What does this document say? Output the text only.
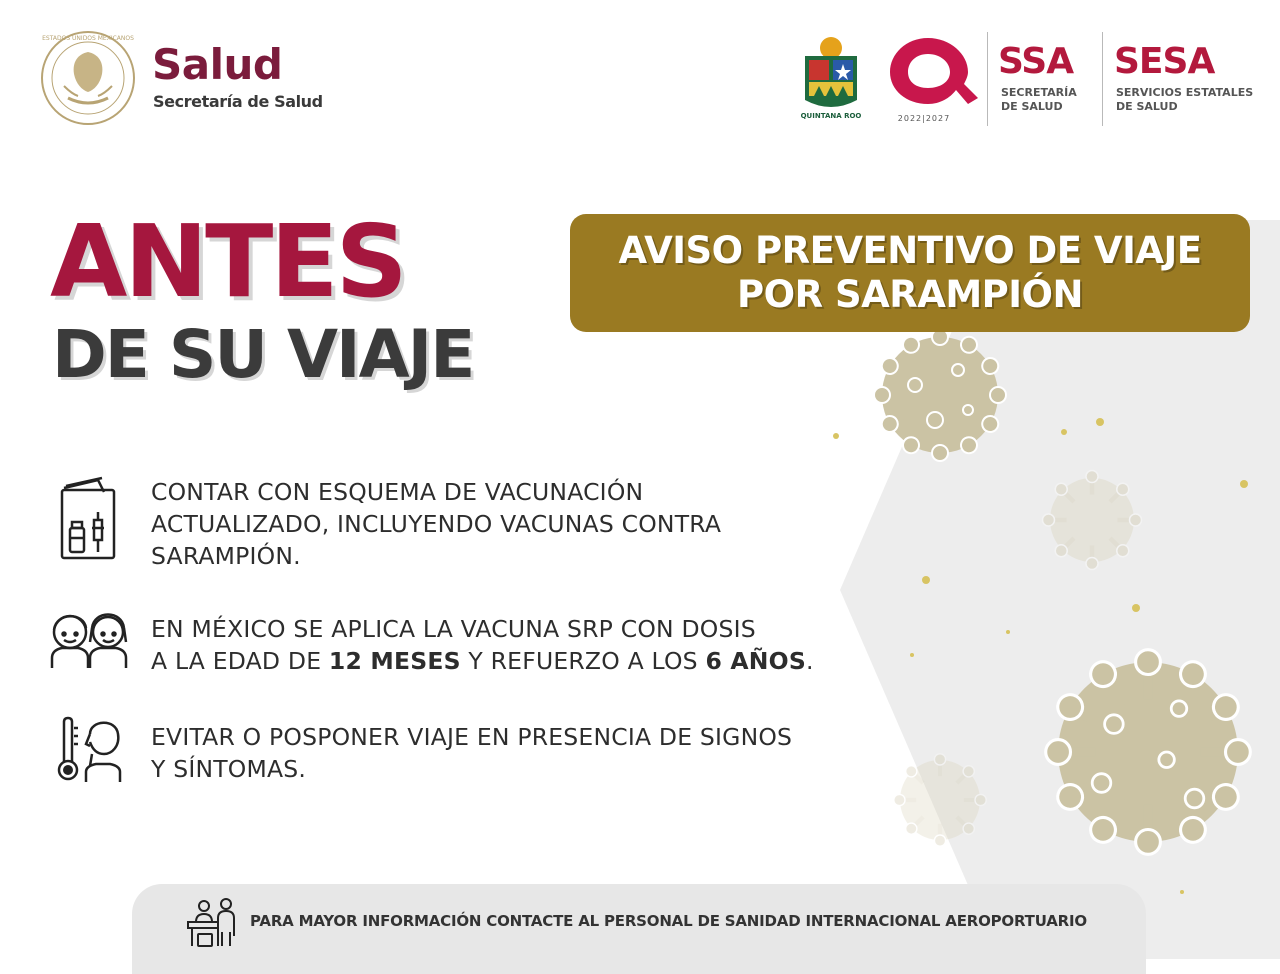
ESTADOS UNIDOS MEXICANOS
Salud
Secretaría de Salud
QUINTANA ROO	2022|2027
SSA
SECRETARÍA
DE SALUD
SESA
SERVICIOS ESTATALES
DE SALUD
ANTES
DE SU VIAJE
AVISO PREVENTIVO DE VIAJE
POR SARAMPIÓN
CONTAR CON ESQUEMA DE VACUNACIÓN
ACTUALIZADO, INCLUYENDO VACUNAS CONTRA
SARAMPIÓN.
EN MÉXICO SE APLICA LA VACUNA SRP CON DOSIS
A LA EDAD DE 12 MESES Y REFUERZO A LOS 6 AÑOS.
EVITAR O POSPONER VIAJE EN PRESENCIA DE SIGNOS
Y SÍNTOMAS.
PARA MAYOR INFORMACIÓN CONTACTE AL PERSONAL DE SANIDAD INTERNACIONAL AEROPORTUARIO
